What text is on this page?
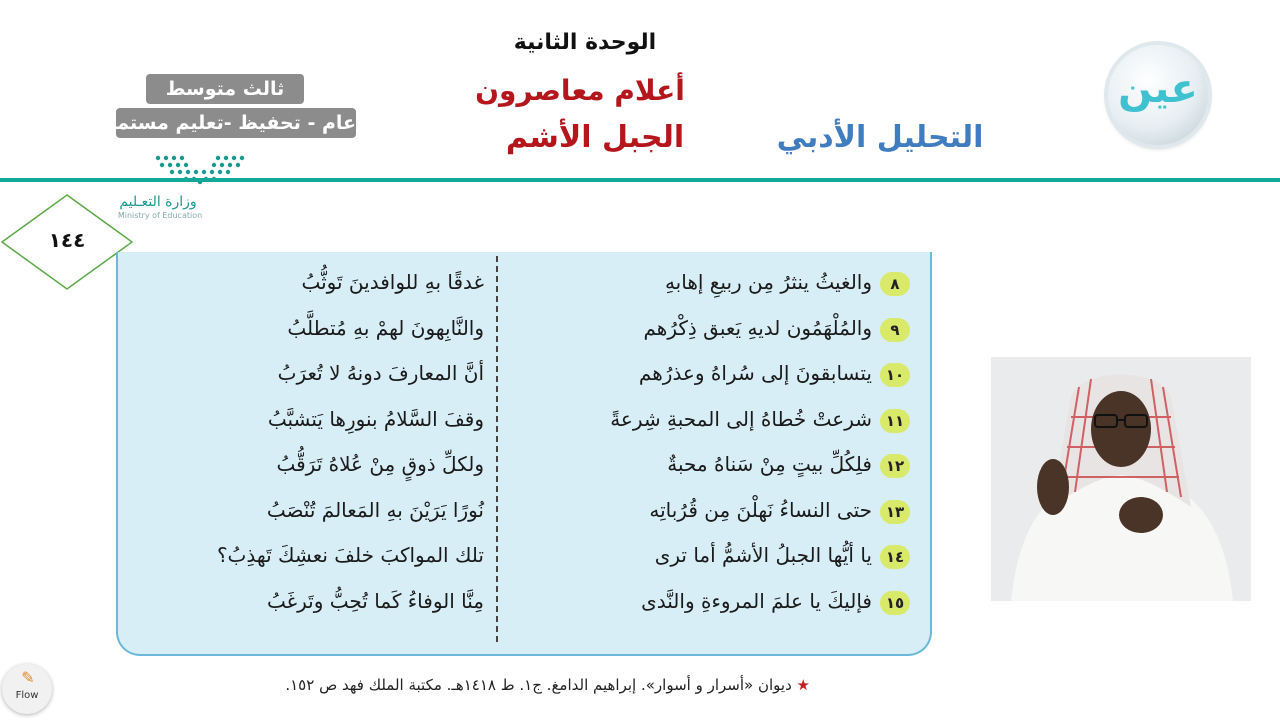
الوحدة الثانية
أعلام معاصرون
الجبل الأشم	التحليل الأدبي
ثالث متوسط
عام - تحفيظ -تعليم مستمر
عين
وزارة التعـليم
Ministry of Education
١٤٤
٨
والغيثُ ينثرُ مِن ربيعِ إهابهِ
غدقًا بهِ للوافدينَ تَوثُّبُ
٩
والمُلْهَمُون لديهِ يَعبق ذِكْرُهم
والنَّابِهونَ لهمْ بهِ مُتطلَّبُ
١٠
يتسابقونَ إلى سُراهُ وعذرُهم
أنَّ المعارفَ دونهُ لا تُعرَبُ
١١
شرعتْ خُطاهُ إلى المحبةِ شِرعةً
وقفَ السَّلامُ بنورِها يَتشبَّبُ
١٢
فلِكُلِّ بيتٍ مِنْ سَناهُ محبةٌ
ولكلِّ ذوقٍ مِنْ عُلاهُ تَرَقُّبُ
١٣
حتى النساءُ نَهلْنَ مِن قُرُباتِه
نُورًا يَرَيْنَ بهِ المَعالمَ تُنْصَبُ
١٤
يا أيُّها الجبلُ الأشمُّ أما ترى
تلك المواكبَ خلفَ نعشِكَ تَهذِبُ؟
١٥
فإليكَ يا علمَ المروءةِ والنَّدى
مِنَّا الوفاءُ كَما تُحِبُّ وتَرغَبُ
★ ديوان «أسرار و أسوار». إبراهيم الدامغ. ج١. ط ١٤١٨هـ. مكتبة الملك فهد ص ١٥٢.
✎
Flow
